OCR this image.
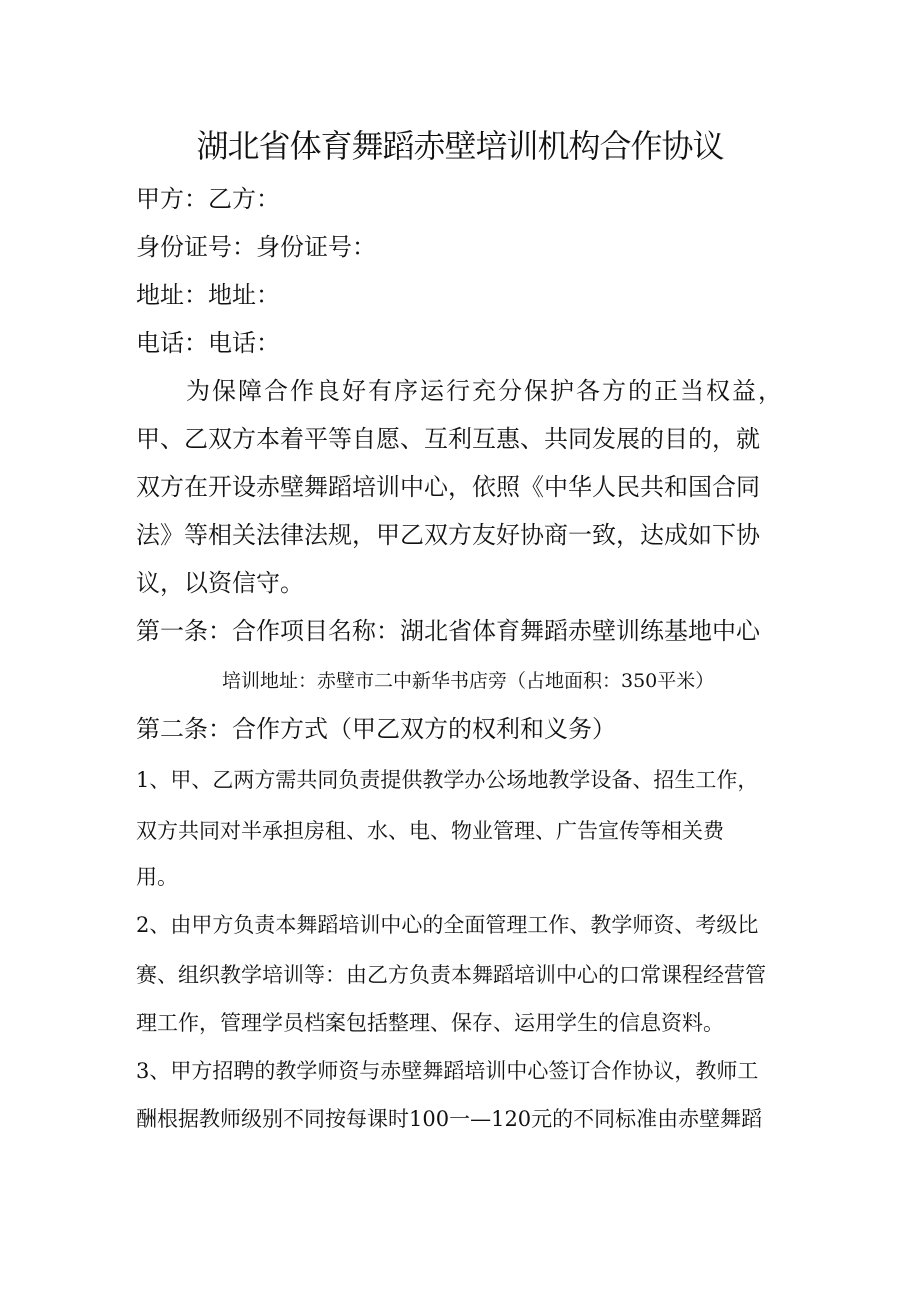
湖北省体育舞蹈赤壁培训机构合作协议
甲方：乙方：
身份证号：身份证号：
地址：地址：
电话：电话：
为保障合作良好有序运行充分保护各方的正当权益，
甲、乙双方本着平等自愿、互利互惠、共同发展的目的，就
双方在开设赤壁舞蹈培训中心，依照《中华人民共和国合同
法》等相关法律法规，甲乙双方友好协商一致，达成如下协
议，以资信守。
第一条：合作项目名称：湖北省体育舞蹈赤壁训练基地中心
培训地址：赤壁市二中新华书店旁（占地面积：350平米）
第二条：合作方式（甲乙双方的权利和义务）
1、甲、乙两方需共同负责提供教学办公场地教学设备、招生工作，
双方共同对半承担房租、水、电、物业管理、广告宣传等相关费
用。
2、由甲方负责本舞蹈培训中心的全面管理工作、教学师资、考级比
赛、组织教学培训等：由乙方负责本舞蹈培训中心的口常课程经营管
理工作，管理学员档案包括整理、保存、运用学生的信息资料。
3、甲方招聘的教学师资与赤壁舞蹈培训中心签订合作协议，教师工
酬根据教师级别不同按每课时100一—120元的不同标准由赤壁舞蹈
